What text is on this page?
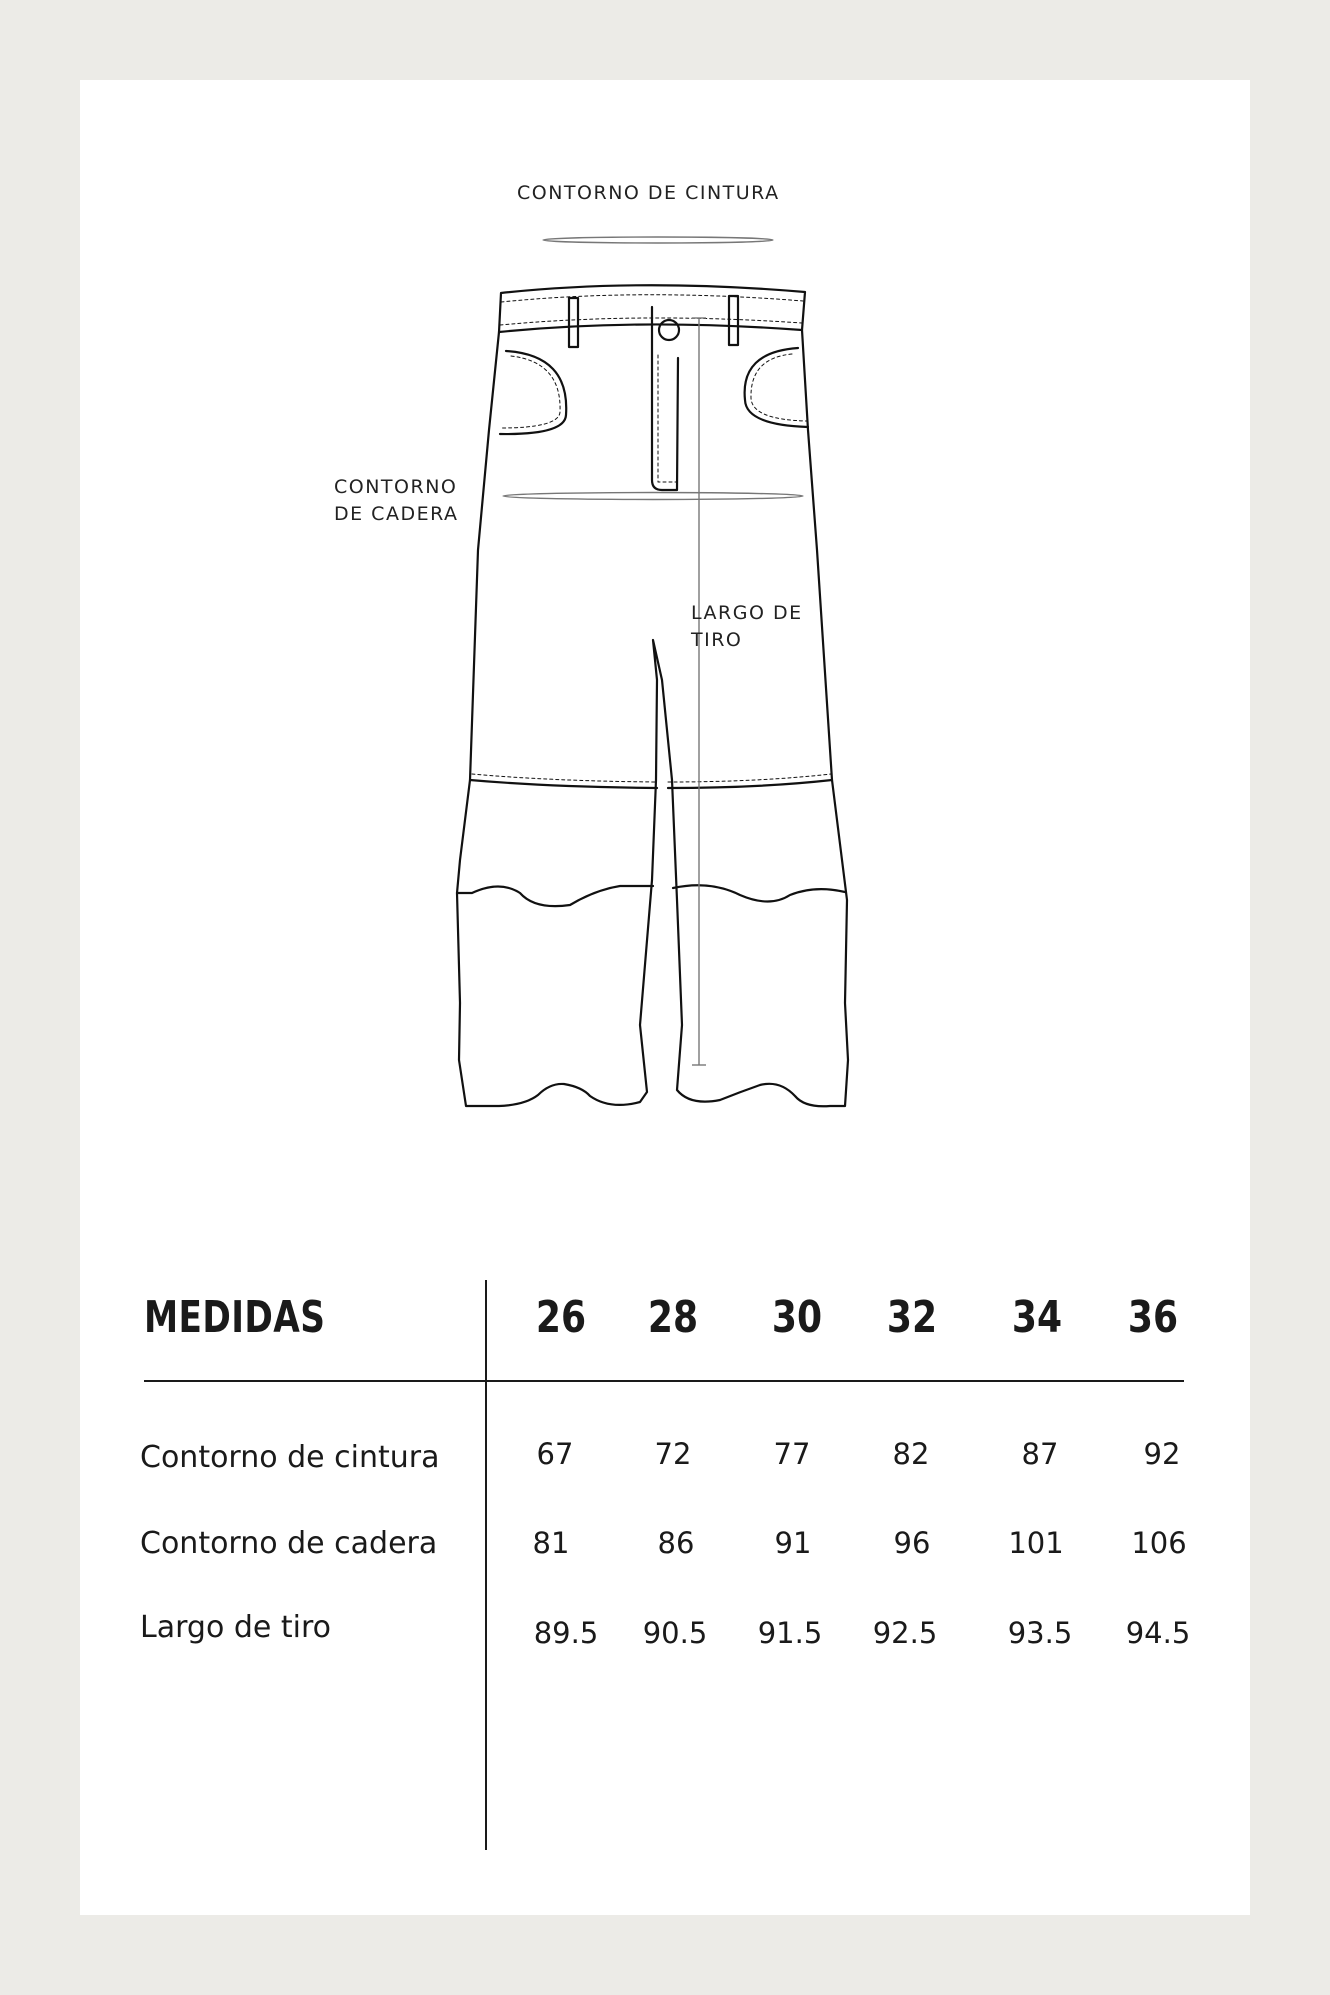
CONTORNO DE CINTURA
CONTORNO
DE CADERA
LARGO DE
TIRO
MEDIDAS	26 28 30 32 34 36
Contorno de cintura	67	72	77	82	87	92
Contorno de cadera	81	86	91	96	101	106
Largo de tiro	89.5	90.5	91.5	92.5	93.5	94.5
